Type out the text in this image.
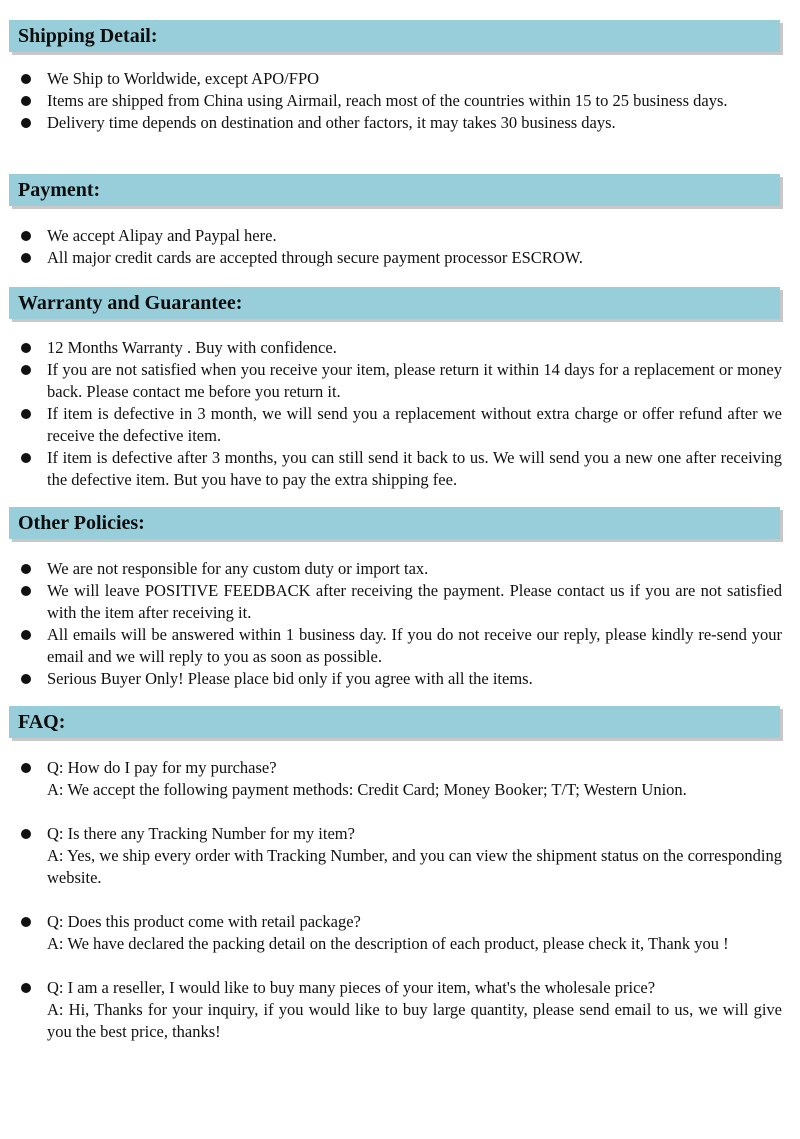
Shipping Detail:
We Ship to Worldwide, except APO/FPO
Items are shipped from China using Airmail, reach most of the countries within 15 to 25 business days.
Delivery time depends on destination and other factors, it may takes 30 business days.
Payment:
We accept Alipay and Paypal here.
All major credit cards are accepted through secure payment processor ESCROW.
Warranty and Guarantee:
12 Months Warranty . Buy with confidence.
If you are not satisfied when you receive your item, please return it within 14 days for a replacement or money back. Please contact me before you return it.
If item is defective in 3 month, we will send you a replacement without extra charge or offer refund after we receive the defective item.
If item is defective after 3 months, you can still send it back to us. We will send you a new one after receiving the defective item. But you have to pay the extra shipping fee.
Other Policies:
We are not responsible for any custom duty or import tax.
We will leave POSITIVE FEEDBACK after receiving the payment. Please contact us if you are not satisfied with the item after receiving it.
All emails will be answered within 1 business day. If you do not receive our reply, please kindly re-send your email and we will reply to you as soon as possible.
Serious Buyer Only! Please place bid only if you agree with all the items.
FAQ:
Q: How do I pay for my purchase?
A: We accept the following payment methods: Credit Card; Money Booker; T/T; Western Union.
Q: Is there any Tracking Number for my item?
A: Yes, we ship every order with Tracking Number, and you can view the shipment status on the corresponding website.
Q: Does this product come with retail package?
A: We have declared the packing detail on the description of each product, please check it, Thank you !
Q: I am a reseller, I would like to buy many pieces of your item, what's the wholesale price?
A: Hi, Thanks for your inquiry, if you would like to buy large quantity, please send email to us, we will give you the best price, thanks!
